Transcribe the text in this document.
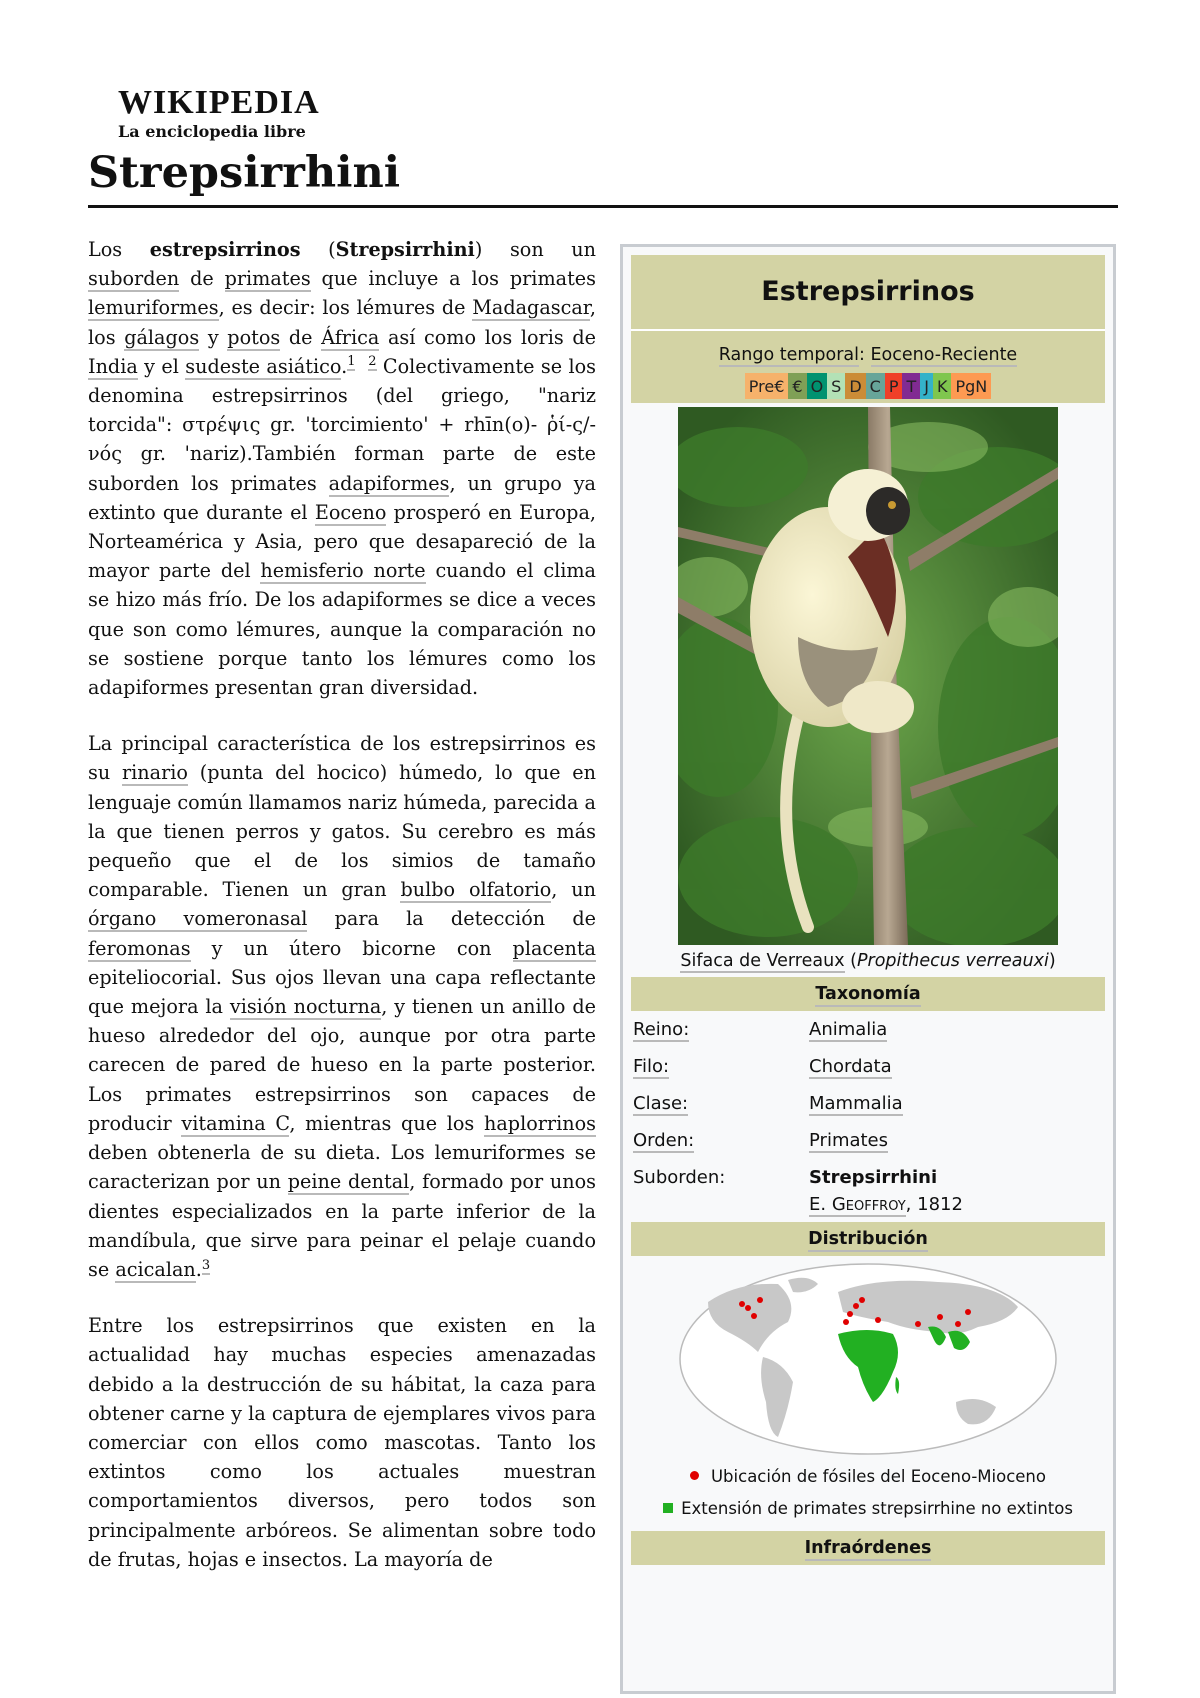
WIKIPEDIA
La enciclopedia libre
Strepsirrhini

Los estrepsirrinos (Strepsirrhini) son un suborden de primates que incluye a los primates lemuriformes, es decir: los lémures de Madagascar, los gálagos y potos de África así como los loris de India y el sudeste asiático.$^1$ $^2$ Colectivamente se los denomina estrepsirrinos (del griego, "nariz torcida": στρέψις gr. 'torcimiento' + rhīn(o)- ῥί-ς/-νός gr. 'nariz).También forman parte de este suborden los primates adapiformes, un grupo ya extinto que durante el Eoceno prosperó en Europa, Norteamérica y Asia, pero que desapareció de la mayor parte del hemisferio norte cuando el clima se hizo más frío. De los adapiformes se dice a veces que son como lémures, aunque la comparación no se sostiene porque tanto los lémures como los adapiformes presentan gran diversidad.

La principal característica de los estrepsirrinos es su rinario (punta del hocico) húmedo, lo que en lenguaje común llamamos nariz húmeda, parecida a la que tienen perros y gatos. Su cerebro es más pequeño que el de los simios de tamaño comparable. Tienen un gran bulbo olfatorio, un órgano vomeronasal para la detección de feromonas y un útero bicorne con placenta epiteliocorial. Sus ojos llevan una capa reflectante que mejora la visión nocturna, y tienen un anillo de hueso alrededor del ojo, aunque por otra parte carecen de pared de hueso en la parte posterior. Los primates estrepsirrinos son capaces de producir vitamina C, mientras que los haplorrinos deben obtenerla de su dieta. Los lemuriformes se caracterizan por un peine dental, formado por unos dientes especializados en la parte inferior de la mandíbula, que sirve para peinar el pelaje cuando se acicalan.$^3$

Entre los estrepsirrinos que existen en la actualidad hay muchas especies amenazadas debido a la destrucción de su hábitat, la caza para obtener carne y la captura de ejemplares vivos para comerciar con ellos como mascotas. Tanto los extintos como los actuales muestran comportamientos diversos, pero todos son principalmente arbóreos. Se alimentan sobre todo de frutas, hojas e insectos. La mayoría de

Estrepsirrinos
Rango temporal: Eoceno-Reciente
Pre€ € O S D C P T J K PgN
Sifaca de Verreaux (Propithecus verreauxi)
Taxonomía
Reino:	Animalia
Filo:	Chordata
Clase:	Mammalia
Orden:	Primates
Suborden:	Strepsirrhini
E. Geoffroy, 1812
Distribución
Ubicación de fósiles del Eoceno-Mioceno
Extensión de primates strepsirrhine no extintos
Infraórdenes
